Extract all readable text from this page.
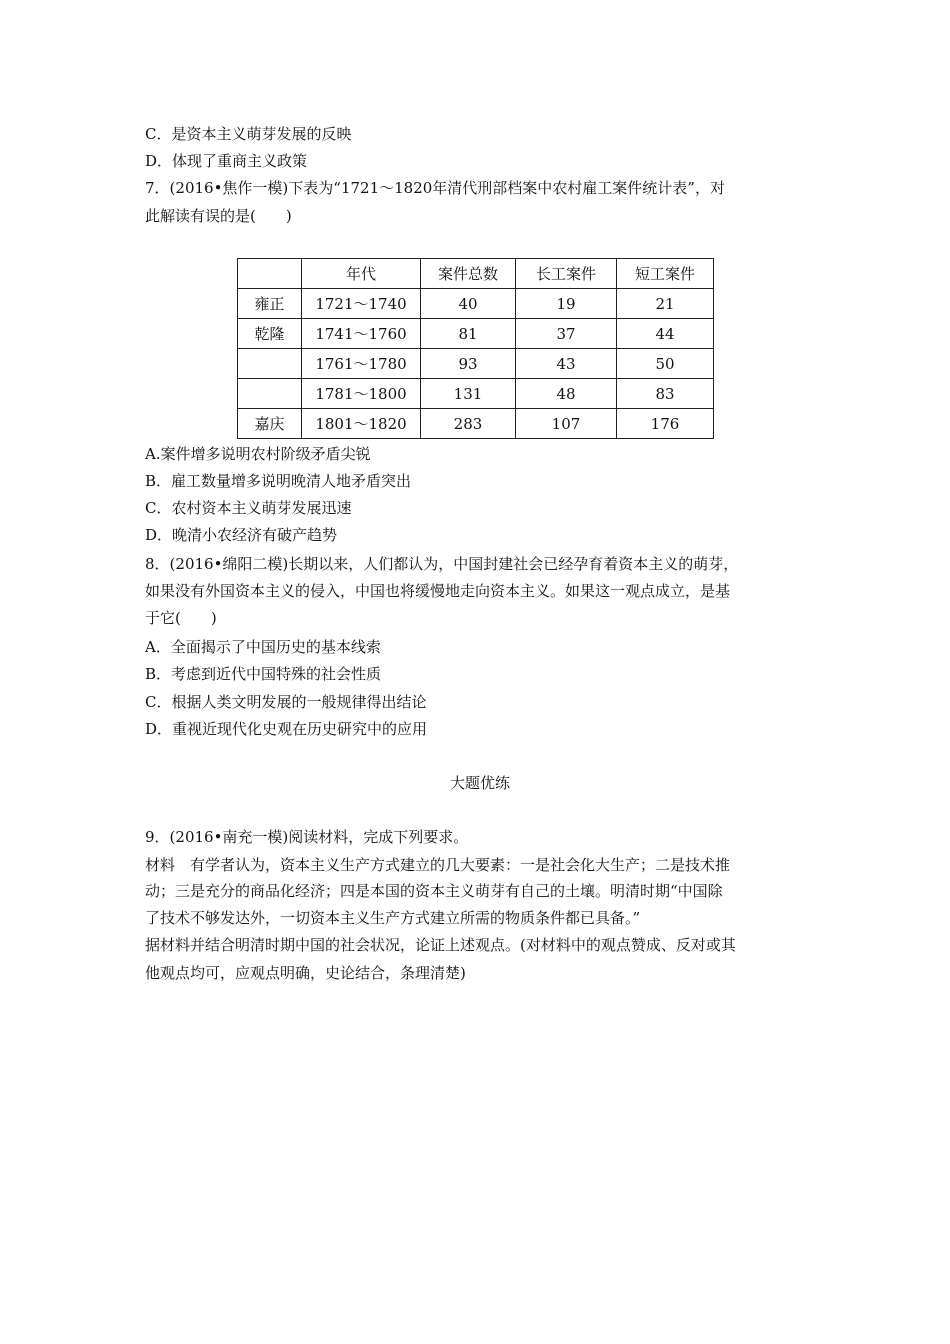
C．是资本主义萌芽发展的反映
D．体现了重商主义政策
7．(2016•焦作一模)下表为“1721～1820年清代刑部档案中农村雇工案件统计表”，对
此解读有误的是(　　)
	年代	案件总数	长工案件	短工案件
雍正	1721～1740	40	19	21
乾隆	1741～1760	81	37	44
	1761～1780	93	43	50
	1781～1800	131	48	83
嘉庆	1801～1820	283	107	176
A.案件增多说明农村阶级矛盾尖锐
B．雇工数量增多说明晚清人地矛盾突出
C．农村资本主义萌芽发展迅速
D．晚清小农经济有破产趋势
8．(2016•绵阳二模)长期以来，人们都认为，中国封建社会已经孕育着资本主义的萌芽，
如果没有外国资本主义的侵入，中国也将缓慢地走向资本主义。如果这一观点成立，是基
于它(　　)
A．全面揭示了中国历史的基本线索
B．考虑到近代中国特殊的社会性质
C．根据人类文明发展的一般规律得出结论
D．重视近现代化史观在历史研究中的应用
大题优练
9．(2016•南充一模)阅读材料，完成下列要求。
材料　有学者认为，资本主义生产方式建立的几大要素：一是社会化大生产；二是技术推
动；三是充分的商品化经济；四是本国的资本主义萌芽有自己的土壤。明清时期“中国除
了技术不够发达外，一切资本主义生产方式建立所需的物质条件都已具备。”
据材料并结合明清时期中国的社会状况，论证上述观点。(对材料中的观点赞成、反对或其
他观点均可，应观点明确，史论结合，条理清楚)
